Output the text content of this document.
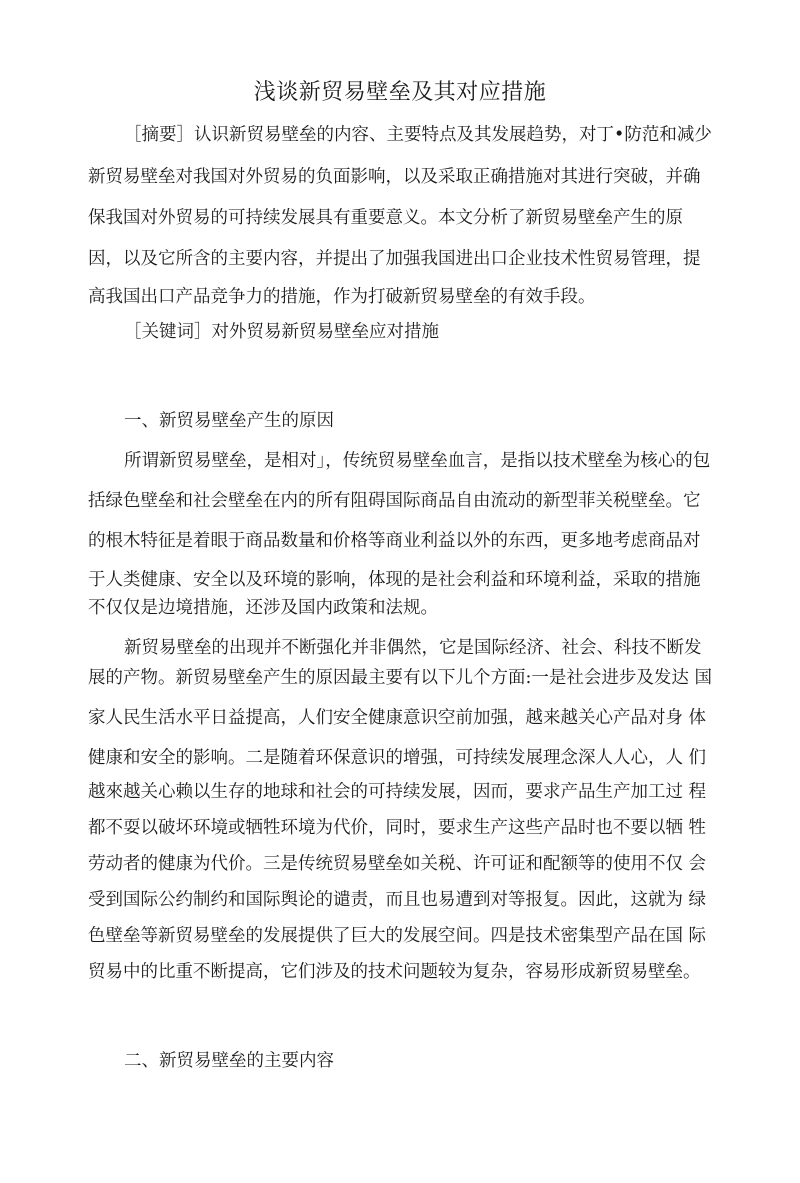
浅谈新贸易壁垒及其对应措施
［摘要］认识新贸易壁垒的内容、主要特点及其发展趋势，对丁•防范和减少
新贸易壁垒对我国对外贸易的负面影响，以及采取正确措施对其进行突破，并确
保我国对外贸易的可持续发展具有重要意义。本文分析了新贸易壁垒产生的原
因，以及它所含的主要内容，并提出了加强我国进出口企业技术性贸易管理，提
高我国出口产品竞争力的措施，作为打破新贸易壁垒的有效手段。
［关键词］对外贸易新贸易壁垒应对措施
一、新贸易壁垒产生的原因
所谓新贸易壁垒，是相对」，传统贸易壁垒血言，是指以技术壁垒为核心的包
括绿色壁垒和社会壁垒在内的所有阻碍国际商品自由流动的新型菲关税壁垒。它
的根木特征是着眼于商品数量和价格等商业利益以外的东西，更多地考虑商品对
于人类健康、安全以及环境的影响，体现的是社会利益和环境利益，采取的措施
不仅仅是边境措施，还涉及国内政策和法规。
新贸易壁垒的出现并不断强化并非偶然，它是国际经济、社会、科技不断发
展的产物。新贸易壁垒产生的原因最主要有以下儿个方面:一是社会进步及发达 国
家人民生活水平日益提高，人们安全健康意识空前加强，越来越关心产品对身 体
健康和安全的影响。二是随着环保意识的增强，可持续发展理念深人人心，人 们
越來越关心赖以生存的地球和社会的可持续发展，因而，要求产品生产加工过 程
都不耍以破坏环境或牺牲环境为代价，同时，要求生产这些产品时也不要以牺 牲
劳动者的健康为代价。三是传统贸易壁垒如关税、许可证和配额等的使用不仅 会
受到国际公约制约和国际舆论的谴责，而且也易遭到对等报复。因此，这就为 绿
色壁垒等新贸易壁垒的发展提供了巨大的发展空间。四是技术密集型产品在国 际
贸易中的比重不断提高，它们涉及的技术问题较为复杂，容易形成新贸易壁垒。
二、新贸易壁垒的主要内容
